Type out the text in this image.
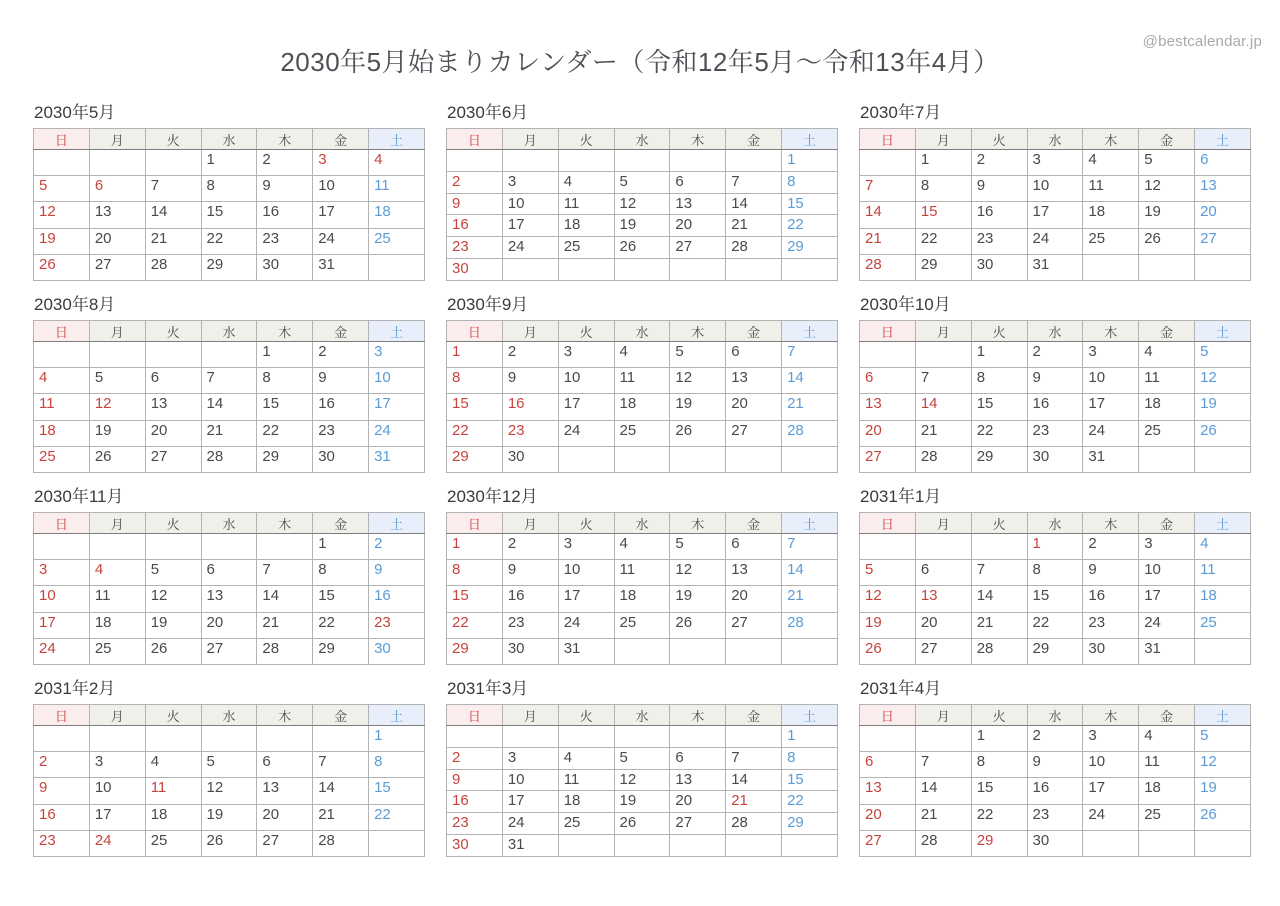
@bestcalendar.jp
2030年5月始まりカレンダー（令和12年5月〜令和13年4月）
2030年5月
日	月	火	水	木	金	土
			1	2	3	4
5	6	7	8	9	10	11
12	13	14	15	16	17	18
19	20	21	22	23	24	25
26	27	28	29	30	31	
2030年6月
日	月	火	水	木	金	土
						1
2	3	4	5	6	7	8
9	10	11	12	13	14	15
16	17	18	19	20	21	22
23	24	25	26	27	28	29
30						
2030年7月
日	月	火	水	木	金	土
	1	2	3	4	5	6
7	8	9	10	11	12	13
14	15	16	17	18	19	20
21	22	23	24	25	26	27
28	29	30	31			
2030年8月
日	月	火	水	木	金	土
				1	2	3
4	5	6	7	8	9	10
11	12	13	14	15	16	17
18	19	20	21	22	23	24
25	26	27	28	29	30	31
2030年9月
日	月	火	水	木	金	土
1	2	3	4	5	6	7
8	9	10	11	12	13	14
15	16	17	18	19	20	21
22	23	24	25	26	27	28
29	30					
2030年10月
日	月	火	水	木	金	土
		1	2	3	4	5
6	7	8	9	10	11	12
13	14	15	16	17	18	19
20	21	22	23	24	25	26
27	28	29	30	31		
2030年11月
日	月	火	水	木	金	土
					1	2
3	4	5	6	7	8	9
10	11	12	13	14	15	16
17	18	19	20	21	22	23
24	25	26	27	28	29	30
2030年12月
日	月	火	水	木	金	土
1	2	3	4	5	6	7
8	9	10	11	12	13	14
15	16	17	18	19	20	21
22	23	24	25	26	27	28
29	30	31				
2031年1月
日	月	火	水	木	金	土
			1	2	3	4
5	6	7	8	9	10	11
12	13	14	15	16	17	18
19	20	21	22	23	24	25
26	27	28	29	30	31	
2031年2月
日	月	火	水	木	金	土
						1
2	3	4	5	6	7	8
9	10	11	12	13	14	15
16	17	18	19	20	21	22
23	24	25	26	27	28	
2031年3月
日	月	火	水	木	金	土
						1
2	3	4	5	6	7	8
9	10	11	12	13	14	15
16	17	18	19	20	21	22
23	24	25	26	27	28	29
30	31					
2031年4月
日	月	火	水	木	金	土
		1	2	3	4	5
6	7	8	9	10	11	12
13	14	15	16	17	18	19
20	21	22	23	24	25	26
27	28	29	30			
